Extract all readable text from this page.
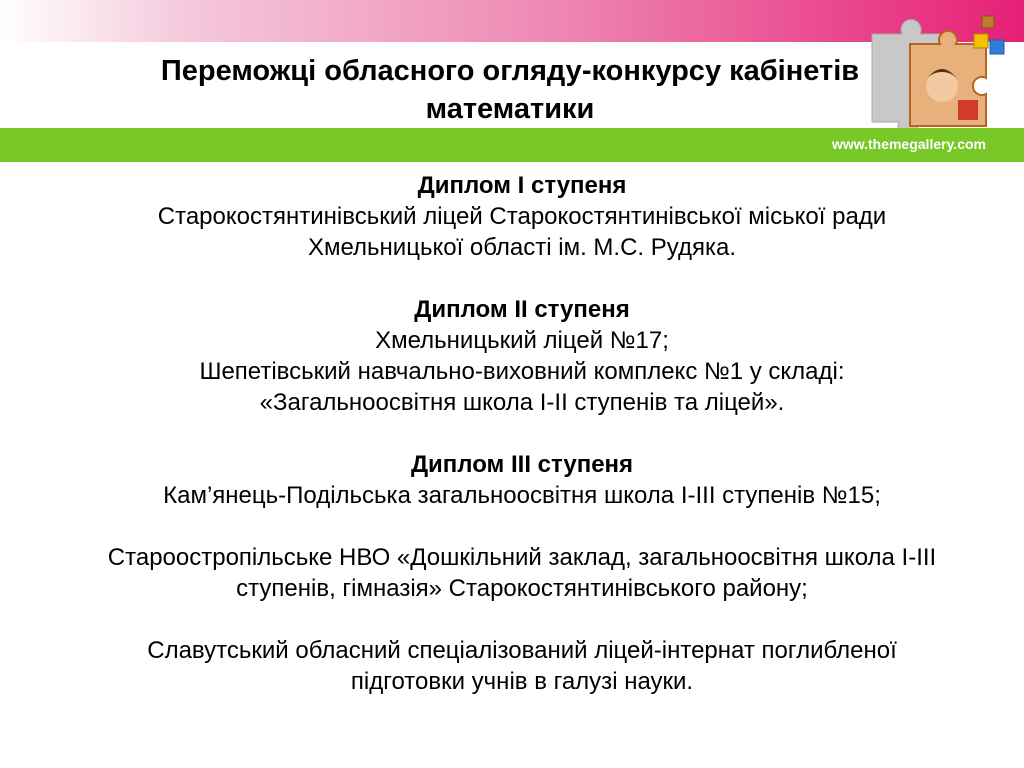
Переможці обласного огляду-конкурсу кабінетів математики
www.themegallery.com

Диплом І ступеня

Старокостянтинівський ліцей Старокостянтинівської міської ради

Хмельницької області ім. М.С. Рудяка.

Диплом ІІ ступеня

Хмельницький ліцей №17;

Шепетівський навчально-виховний комплекс №1 у складі:

«Загальноосвітня школа І-ІІ ступенів та ліцей».

Диплом ІІІ ступеня

Кам’янець-Подільська загальноосвітня школа І-ІІІ ступенів №15;

Староостропільське НВО «Дошкільний заклад, загальноосвітня школа І-ІІІ

ступенів, гімназія» Старокостянтинівського району;

Славутський обласний спеціалізований ліцей-інтернат поглибленої

підготовки учнів в галузі науки.
